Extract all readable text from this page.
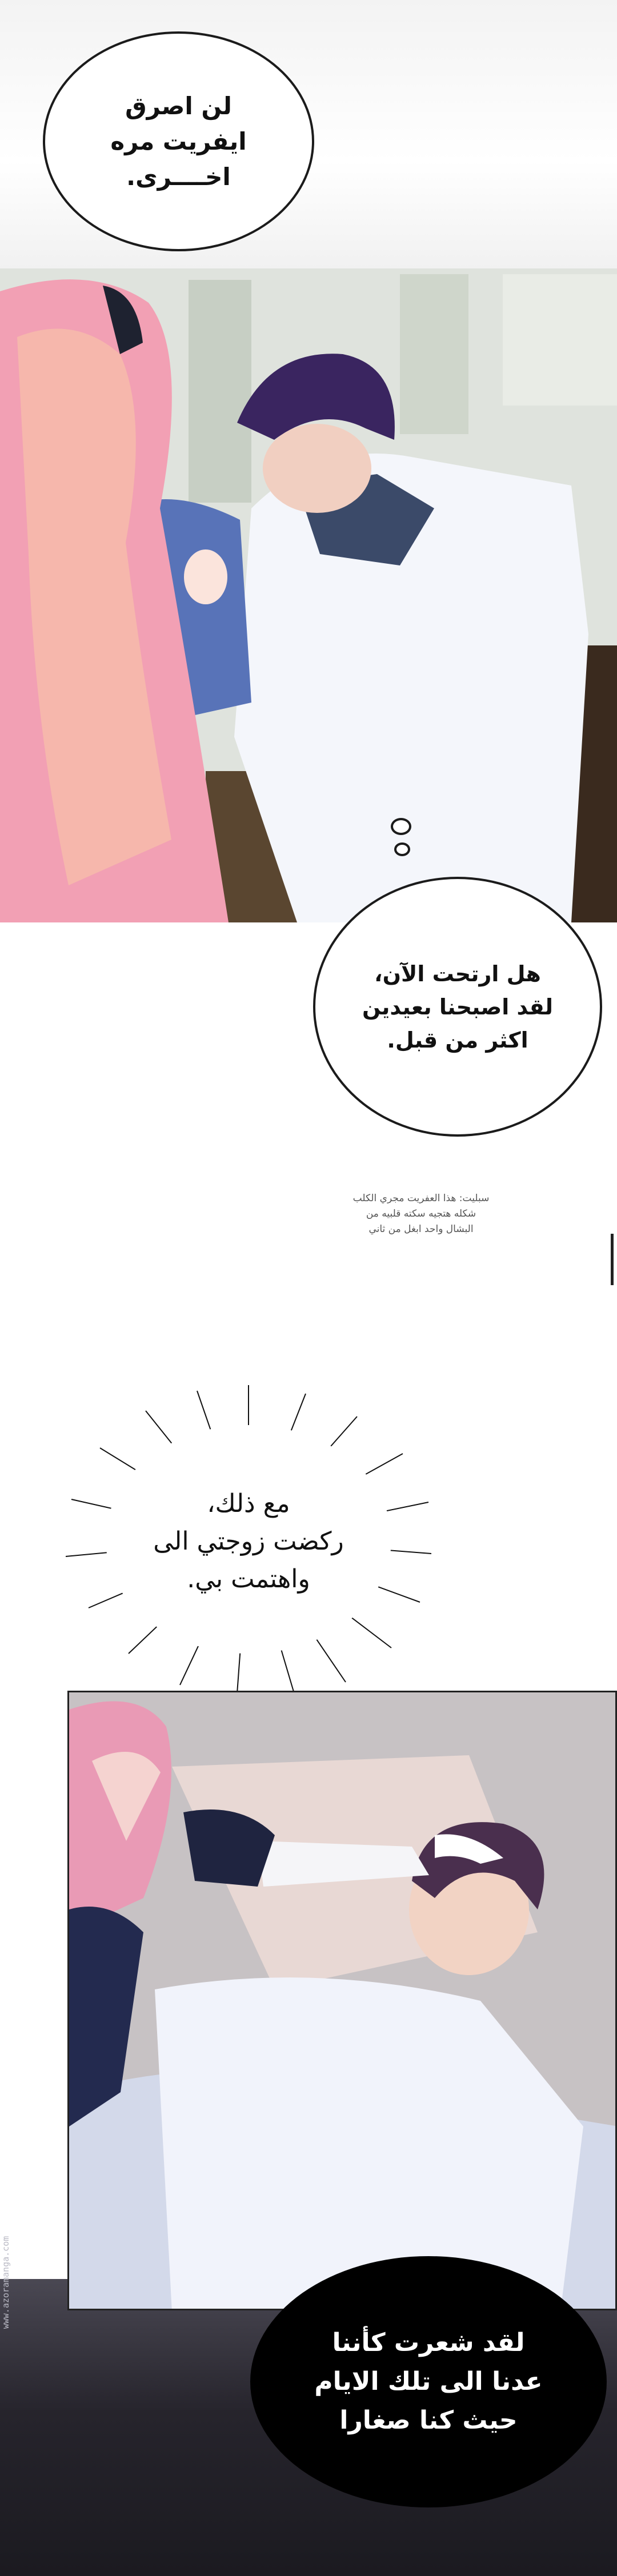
لن اصرق
ايفريت مره
اخــــرى.
هل ارتحت الآن،
لقد اصبحنا بعيدين
اكثر من قبل.
سبليت: هذا العفريت مجري الكلب
شكله هتجيه سكته قلبيه من
البشال واحد ابغل من ثاني
مع ذلك،
ركضت زوجتي الى
واهتمت بي.
لقد شعرت كأننا
عدنا الى تلك الايام
حيث كنا صغارا
www.azoramanga.com
